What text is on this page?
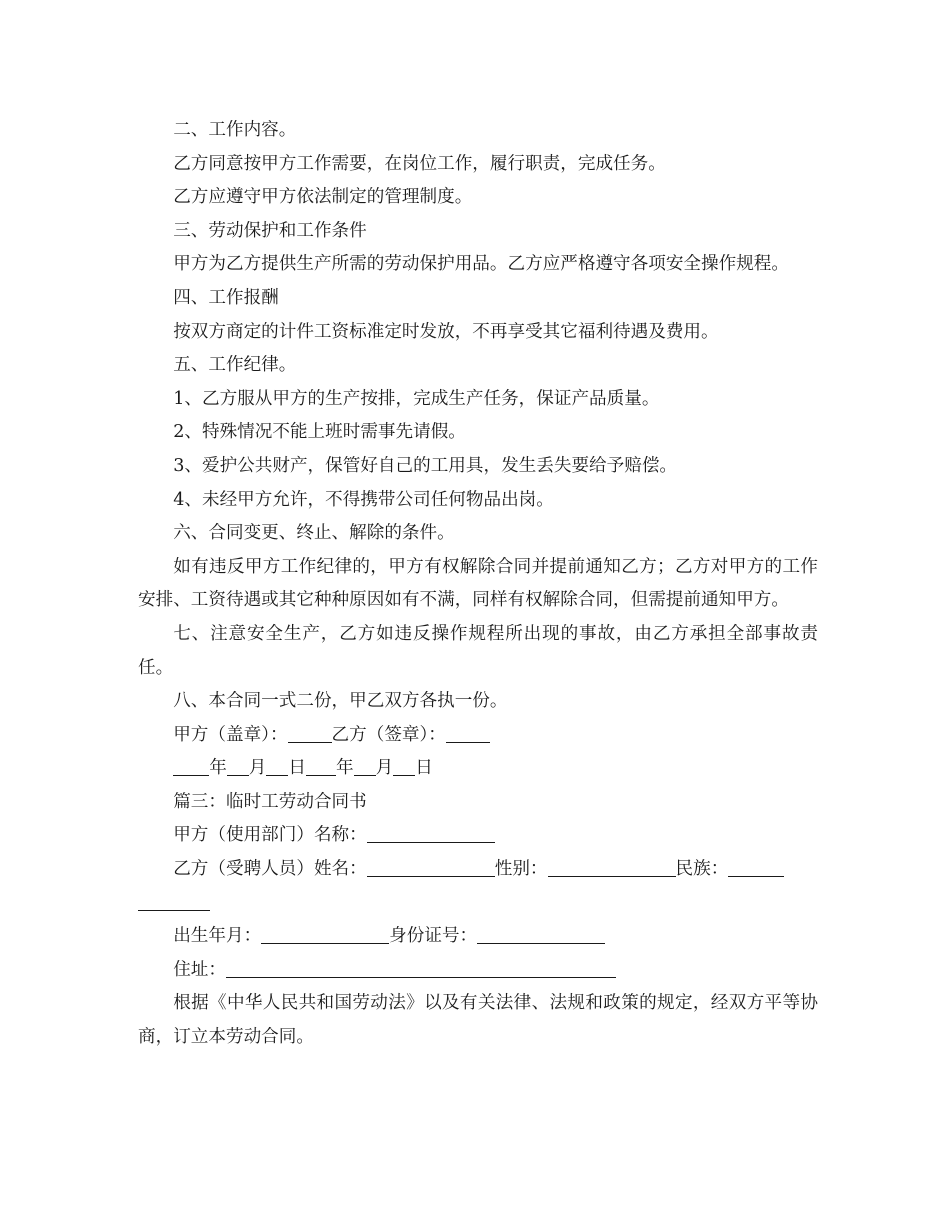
二、工作内容。

乙方同意按甲方工作需要，在岗位工作，履行职责，完成任务。

乙方应遵守甲方依法制定的管理制度。

三、劳动保护和工作条件

甲方为乙方提供生产所需的劳动保护用品。乙方应严格遵守各项安全操作规程。

四、工作报酬

按双方商定的计件工资标准定时发放，不再享受其它福利待遇及费用。

五、工作纪律。

1、乙方服从甲方的生产按排，完成生产任务，保证产品质量。

2、特殊情况不能上班时需事先请假。

3、爱护公共财产，保管好自己的工用具，发生丢失要给予赔偿。

4、未经甲方允许，不得携带公司任何物品出岗。

六、合同变更、终止、解除的条件。

如有违反甲方工作纪律的，甲方有权解除合同并提前通知乙方；乙方对甲方的工作安排、工资待遇或其它种种原因如有不满，同样有权解除合同，但需提前通知甲方。

七、注意安全生产，乙方如违反操作规程所出现的事故，由乙方承担全部事故责任。

八、本合同一式二份，甲乙双方各执一份。

甲方（盖章）：	乙方（签章）：

年 月 日 年 月 日

篇三：临时工劳动合同书

甲方（使用部门）名称：

乙方（受聘人员）姓名：	性别：	民族：

出生年月：	身份证号：

住址：

根据《中华人民共和国劳动法》以及有关法律、法规和政策的规定，经双方平等协商，订立本劳动合同。
